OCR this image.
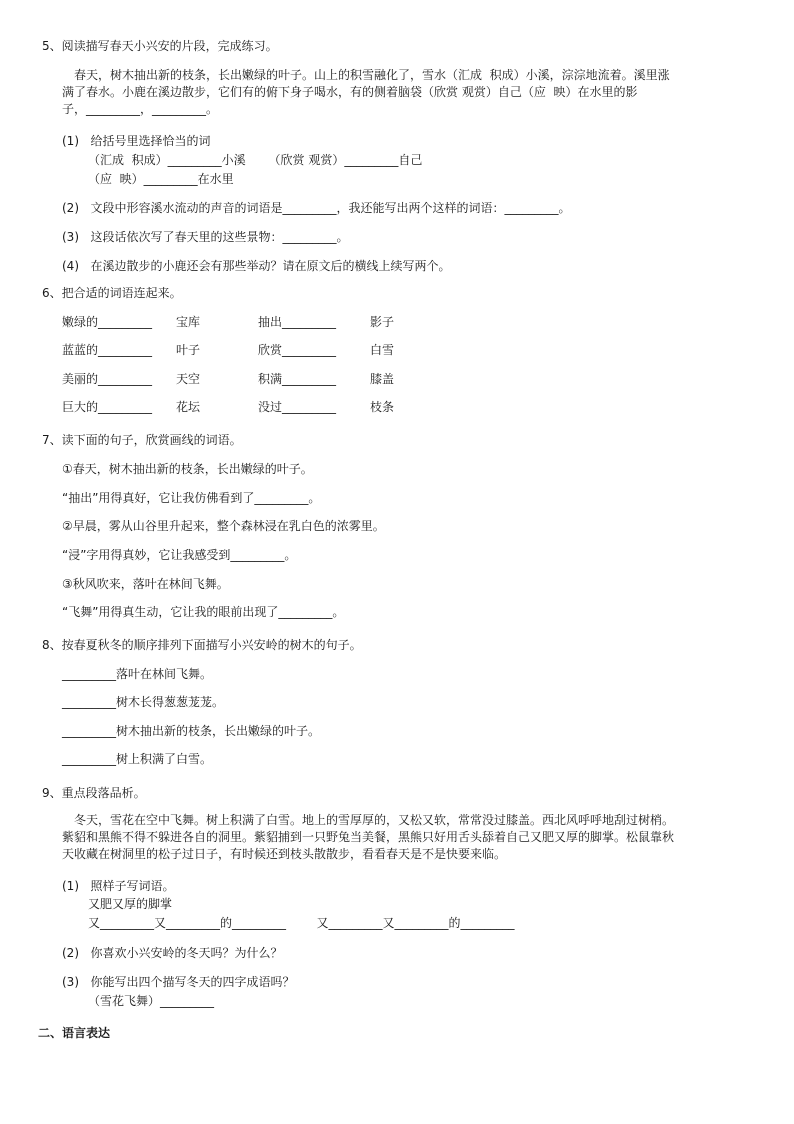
5、阅读描写春天小兴安的片段，完成练习。
春天，树木抽出新的枝条，长出嫩绿的叶子。山上的积雪融化了，雪水（汇成  积成）小溪，淙淙地流着。溪里涨
满了春水。小鹿在溪边散步，它们有的俯下身子喝水，有的侧着脑袋（欣赏 观赏）自己（应  映）在水里的影
子，_________，_________。
(1)   给括号里选择恰当的词
（汇成  积成）_________小溪      （欣赏 观赏）_________自己
（应  映）_________在水里
(2)   文段中形容溪水流动的声音的词语是_________，我还能写出两个这样的词语：_________。
(3)   这段话依次写了春天里的这些景物：_________。
(4)   在溪边散步的小鹿还会有那些举动？请在原文后的横线上续写两个。
6、把合适的词语连起来。
嫩绿的_________ 宝库	抽出_________	影子
蓝蓝的_________ 叶子	欣赏_________	白雪
美丽的_________ 天空	积满_________	膝盖
巨大的_________ 花坛	没过_________	枝条
7、读下面的句子，欣赏画线的词语。
①春天，树木抽出新的枝条，长出嫩绿的叶子。
“抽出”用得真好，它让我仿佛看到了_________。
②早晨，雾从山谷里升起来，整个森林浸在乳白色的浓雾里。
“浸”字用得真妙，它让我感受到_________。
③秋风吹来，落叶在林间飞舞。
“飞舞”用得真生动，它让我的眼前出现了_________。
8、按春夏秋冬的顺序排列下面描写小兴安岭的树木的句子。
_________落叶在林间飞舞。
_________树木长得葱葱茏茏。
_________树木抽出新的枝条，长出嫩绿的叶子。
_________树上积满了白雪。
9、重点段落品析。
冬天，雪花在空中飞舞。树上积满了白雪。地上的雪厚厚的，又松又软，常常没过膝盖。西北风呼呼地刮过树梢。
紫貂和黑熊不得不躲进各自的洞里。紫貂捕到一只野兔当美餐，黑熊只好用舌头舔着自己又肥又厚的脚掌。松鼠靠秋
天收藏在树洞里的松子过日子，有时候还到枝头散散步，看看春天是不是快要来临。
(1)   照样子写词语。
又肥又厚的脚掌
又_________又_________的_________        又_________又_________的_________
(2)   你喜欢小兴安岭的冬天吗？为什么？
(3)   你能写出四个描写冬天的四字成语吗？
（雪花飞舞）_________
二、语言表达
